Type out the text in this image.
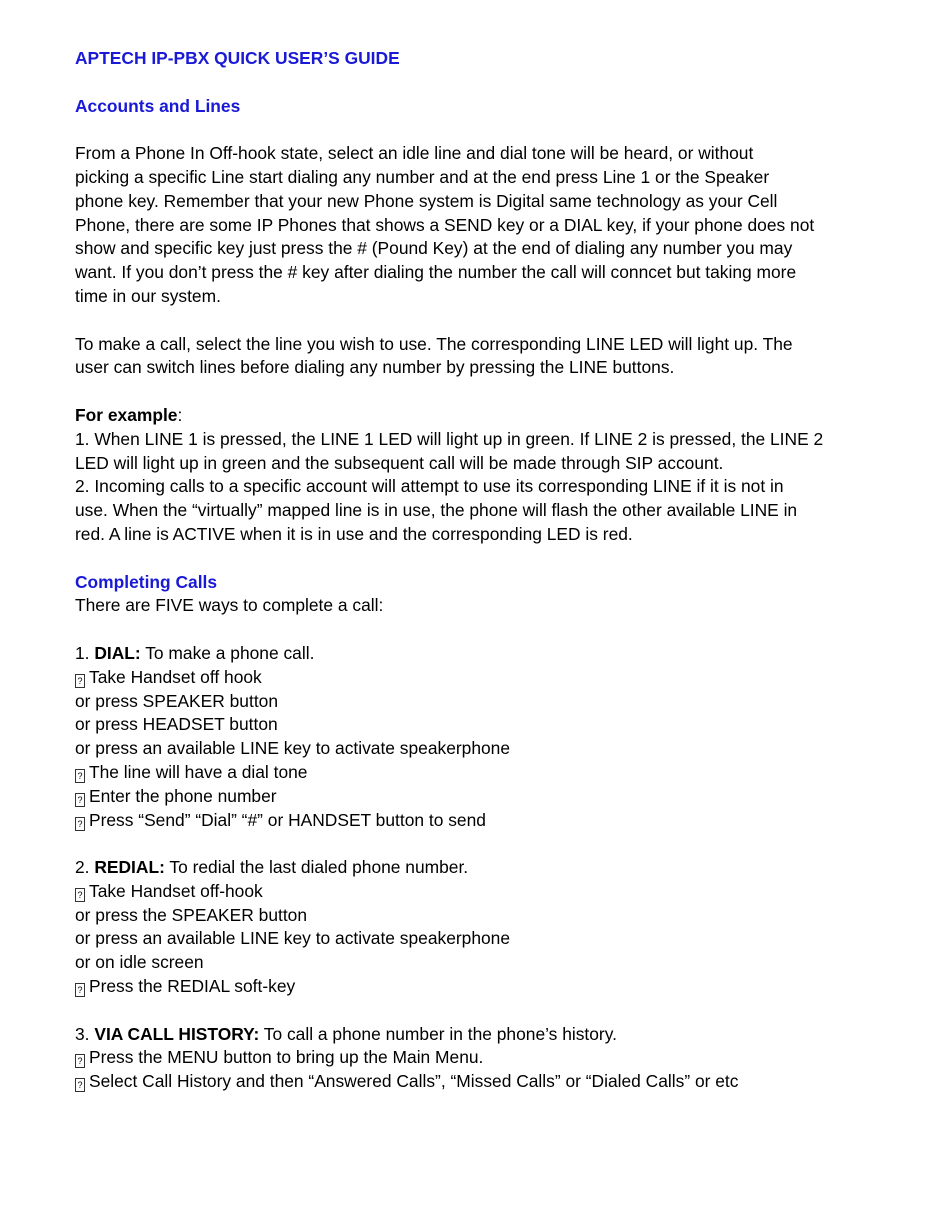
APTECH IP-PBX QUICK USER’S GUIDE

Accounts and Lines

From a Phone In Off-hook state, select an idle line and dial tone will be heard, or without

picking a specific Line start dialing any number and at the end press Line 1 or the Speaker

phone key. Remember that your new Phone system is Digital same technology as your Cell

Phone, there are some IP Phones that shows a SEND key or a DIAL key, if your phone does not

show and specific key just press the # (Pound Key) at the end of dialing any number you may

want. If you don’t press the # key after dialing the number the call will conncet but taking more

time in our system.

To make a call, select the line you wish to use. The corresponding LINE LED will light up. The

user can switch lines before dialing any number by pressing the LINE buttons.

For example:

1. When LINE 1 is pressed, the LINE 1 LED will light up in green. If LINE 2 is pressed, the LINE 2

LED will light up in green and the subsequent call will be made through SIP account.

2. Incoming calls to a specific account will attempt to use its corresponding LINE if it is not in

use. When the “virtually” mapped line is in use, the phone will flash the other available LINE in

red. A line is ACTIVE when it is in use and the corresponding LED is red.

Completing Calls

There are FIVE ways to complete a call:

1. DIAL: To make a phone call.

? Take Handset off hook

or press SPEAKER button

or press HEADSET button

or press an available LINE key to activate speakerphone

? The line will have a dial tone

? Enter the phone number

? Press “Send” “Dial” “#” or HANDSET button to send

2. REDIAL: To redial the last dialed phone number.

? Take Handset off-hook

or press the SPEAKER button

or press an available LINE key to activate speakerphone

or on idle screen

? Press the REDIAL soft-key

3. VIA CALL HISTORY: To call a phone number in the phone’s history.

? Press the MENU button to bring up the Main Menu.

? Select Call History and then “Answered Calls”, “Missed Calls” or “Dialed Calls” or etc
